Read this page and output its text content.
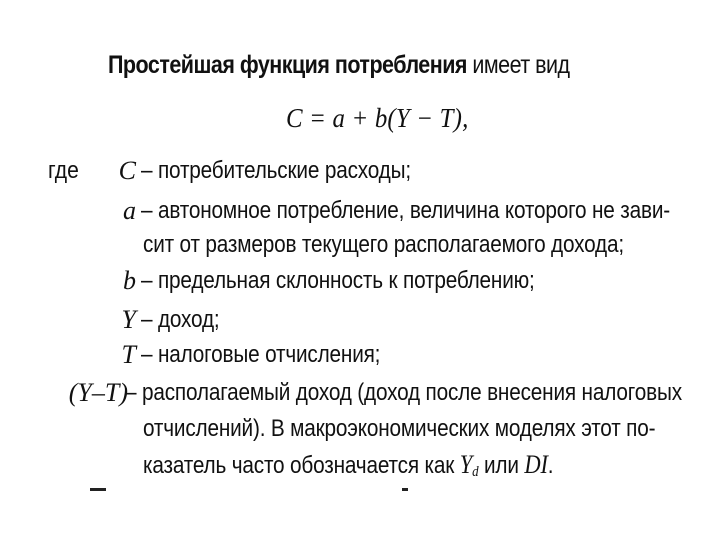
Простейшая функция потребления имеет вид
C = a + b(Y − T),
где C – потребительские расходы;
a – автономное потребление, величина которого не зави-
сит от размеров текущего располагаемого дохода;
b – предельная склонность к потреблению;
Y – доход;
T – налоговые отчисления;
(Y–T)
– располагаемый доход (доход после внесения налоговых
отчислений). В макроэкономических моделях этот по-
казатель часто обозначается как $Y_d$ или DI.
